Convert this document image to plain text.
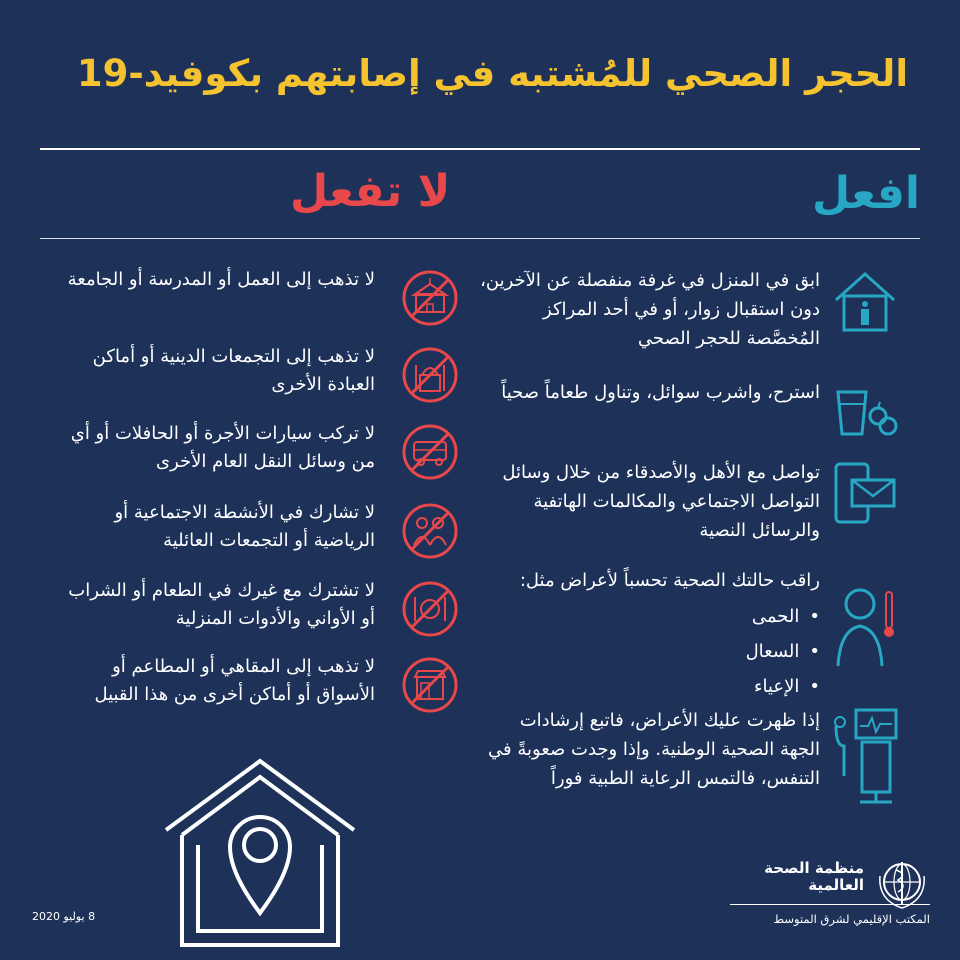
الحجر الصحي للمُشتبه في إصابتهم بكوفيد-19
افعل
لا تفعل
لا تذهب إلى العمل أو المدرسة أو الجامعة
لا تذهب إلى التجمعات الدينية أو أماكن العبادة الأخرى
لا تركب سيارات الأجرة أو الحافلات أو أي من وسائل النقل العام الأخرى
لا تشارك في الأنشطة الاجتماعية أو الرياضية أو التجمعات العائلية
لا تشترك مع غيرك في الطعام أو الشراب أو الأواني والأدوات المنزلية
لا تذهب إلى المقاهي أو المطاعم أو الأسواق أو أماكن أخرى من هذا القبيل
ابق في المنزل في غرفة منفصلة عن الآخرين، دون استقبال زوار، أو في أحد المراكز المُخصَّصة للحجر الصحي
استرح، واشرب سوائل، وتناول طعاماً صحياً
تواصل مع الأهل والأصدقاء من خلال وسائل التواصل الاجتماعي والمكالمات الهاتفية والرسائل النصية
راقب حالتك الصحية تحسباً لأعراض مثل:
• الحمى
• السعال
• الإعياء
إذا ظهرت عليك الأعراض، فاتبع إرشادات الجهة الصحية الوطنية. وإذا وجدت صعوبةً في التنفس، فالتمس الرعاية الطبية فوراً
8 يوليو 2020
منظمة الصحة العالمية
المكتب الإقليمي لشرق المتوسط
